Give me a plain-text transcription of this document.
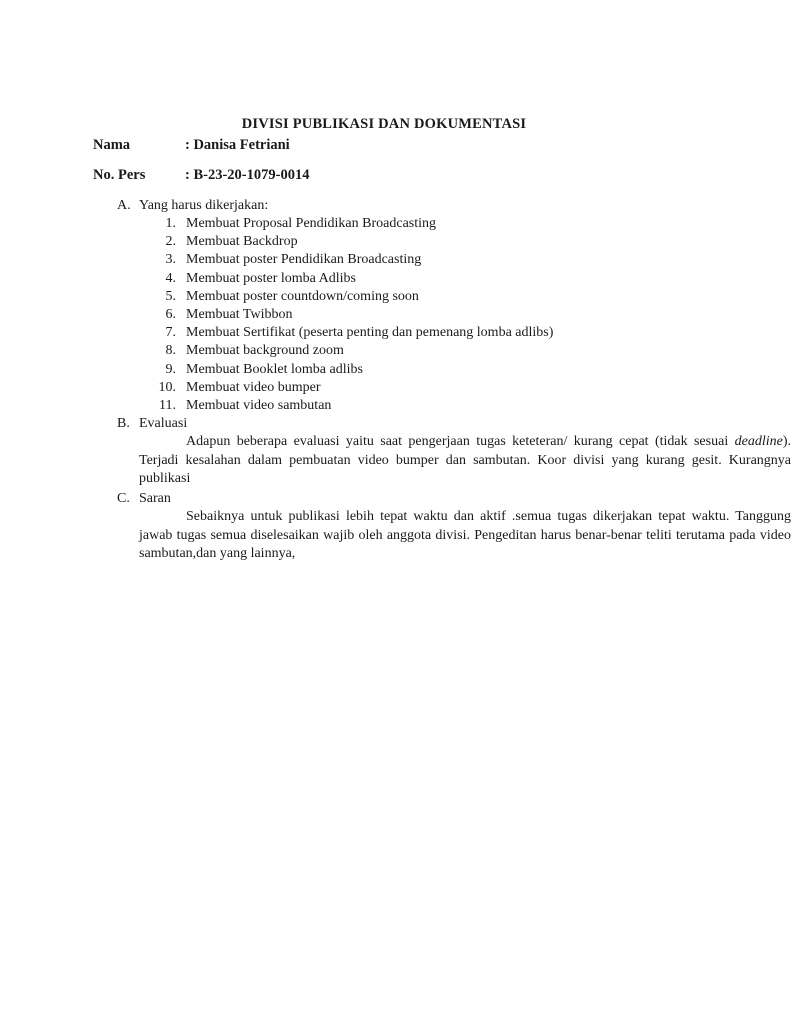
DIVISI PUBLIKASI DAN DOKUMENTASI
Nama	: Danisa Fetriani
No. Pers	: B-23-20-1079-0014
A. Yang harus dikerjakan:
1. Membuat Proposal Pendidikan Broadcasting
2. Membuat Backdrop
3. Membuat poster Pendidikan Broadcasting
4. Membuat poster lomba Adlibs
5. Membuat poster countdown/coming soon
6. Membuat Twibbon
7. Membuat Sertifikat (peserta penting dan pemenang lomba adlibs)
8. Membuat background zoom
9. Membuat Booklet lomba adlibs
10. Membuat video bumper
11. Membuat video sambutan
B. Evaluasi
Adapun beberapa evaluasi yaitu saat pengerjaan tugas keteteran/ kurang cepat (tidak sesuai deadline). Terjadi kesalahan dalam pembuatan video bumper dan sambutan. Koor divisi yang kurang gesit. Kurangnya publikasi
C. Saran
Sebaiknya untuk publikasi lebih tepat waktu dan aktif .semua tugas dikerjakan tepat waktu. Tanggung jawab tugas semua diselesaikan wajib oleh anggota divisi. Pengeditan harus benar-benar teliti terutama pada video sambutan,dan yang lainnya,
